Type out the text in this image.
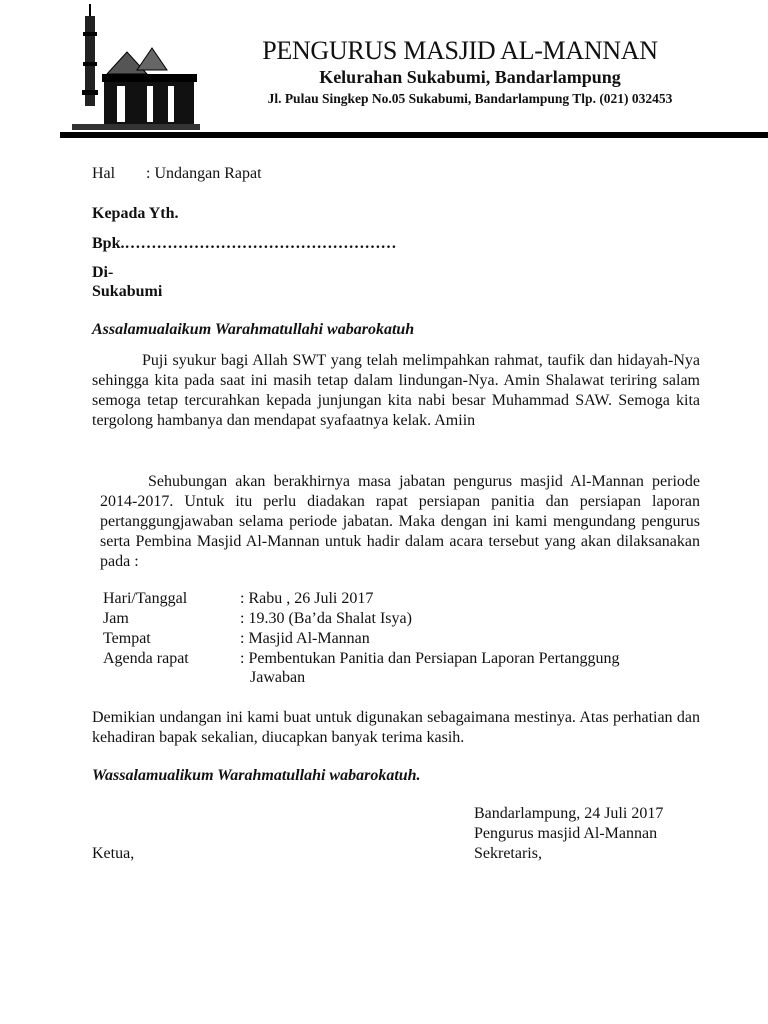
PENGURUS MASJID AL-MANNAN
Kelurahan Sukabumi, Bandarlampung
Jl. Pulau Singkep No.05 Sukabumi, Bandarlampung Tlp. (021) 032453
Hal : Undangan Rapat
Kepada Yth.
Bpk.……………………………………………
Di-
Sukabumi
Assalamualaikum Warahmatullahi wabarokatuh
Puji syukur bagi Allah SWT yang telah melimpahkan rahmat, taufik dan hidayah-Nya sehingga kita pada saat ini masih tetap dalam lindungan-Nya. Amin Shalawat teriring salam semoga tetap tercurahkan kepada junjungan kita nabi besar Muhammad SAW. Semoga kita tergolong hambanya dan mendapat syafaatnya kelak. Amiin
Sehubungan akan berakhirnya masa jabatan pengurus masjid Al-Mannan periode 2014-2017. Untuk itu perlu diadakan rapat persiapan panitia dan persiapan laporan pertanggungjawaban selama periode jabatan. Maka dengan ini kami mengundang pengurus serta Pembina Masjid Al-Mannan untuk hadir dalam acara tersebut yang akan dilaksanakan pada :
Hari/Tanggal	: Rabu , 26 Juli 2017
Jam	: 19.30 (Ba’da Shalat Isya)
Tempat	: Masjid Al-Mannan
Agenda rapat	: Pembentukan Panitia dan Persiapan Laporan Pertanggung
Jawaban
Demikian undangan ini kami buat untuk digunakan sebagaimana mestinya. Atas perhatian dan kehadiran bapak sekalian, diucapkan banyak terima kasih.
Wassalamualikum Warahmatullahi wabarokatuh.
Bandarlampung, 24 Juli 2017
Pengurus masjid Al-Mannan
Ketua,	Sekretaris,
